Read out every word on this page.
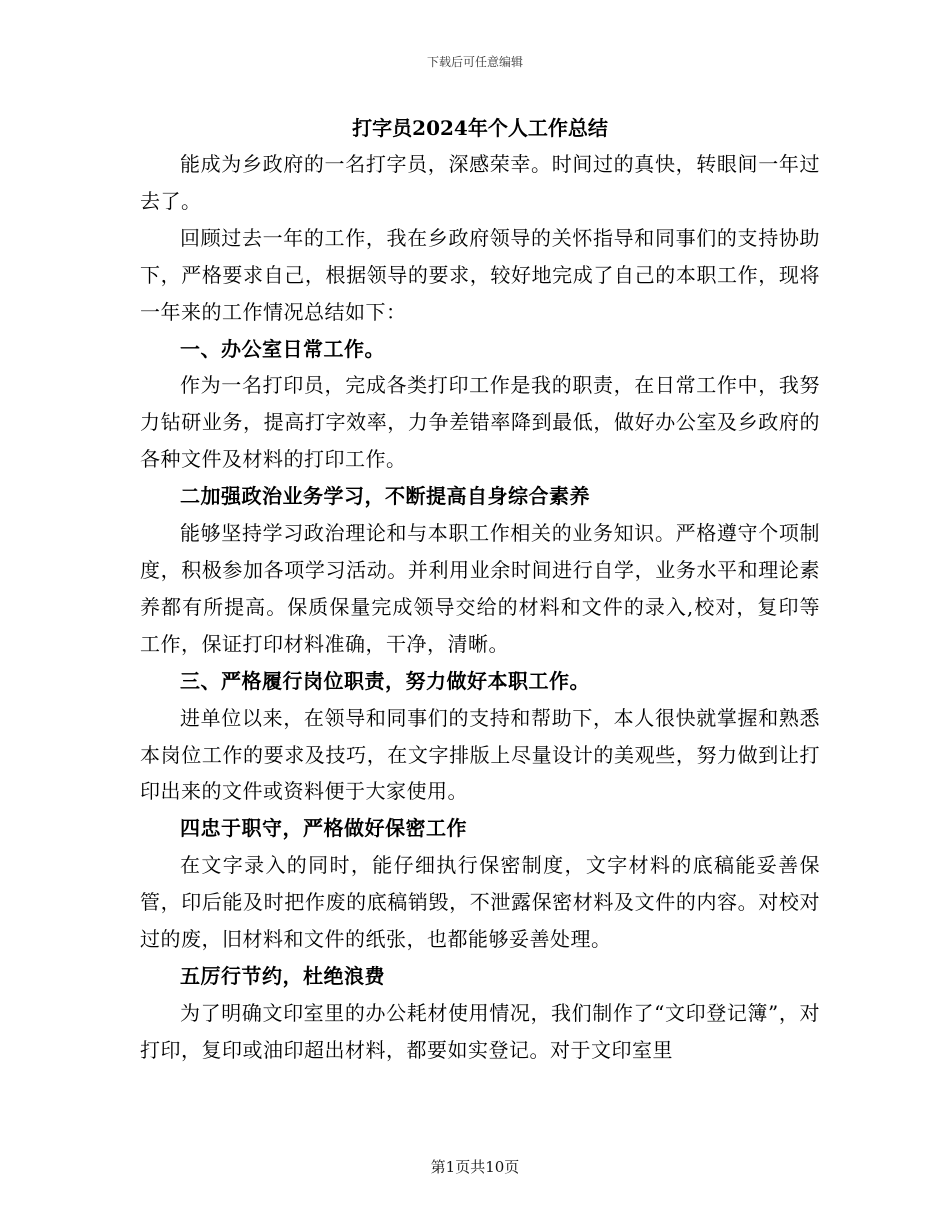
下载后可任意编辑

打字员2024年个人工作总结

能成为乡政府的一名打字员，深感荣幸。时间过的真快，转眼间一年过去了。

回顾过去一年的工作，我在乡政府领导的关怀指导和同事们的支持协助下，严格要求自己，根据领导的要求，较好地完成了自己的本职工作，现将一年来的工作情况总结如下：

一、办公室日常工作。

作为一名打印员，完成各类打印工作是我的职责，在日常工作中，我努力钻研业务，提高打字效率，力争差错率降到最低，做好办公室及乡政府的各种文件及材料的打印工作。

二加强政治业务学习，不断提高自身综合素养

能够坚持学习政治理论和与本职工作相关的业务知识。严格遵守个项制度，积极参加各项学习活动。并利用业余时间进行自学，业务水平和理论素养都有所提高。保质保量完成领导交给的材料和文件的录入,校对，复印等工作，保证打印材料准确，干净，清晰。

三、严格履行岗位职责，努力做好本职工作。

进单位以来，在领导和同事们的支持和帮助下，本人很快就掌握和熟悉本岗位工作的要求及技巧，在文字排版上尽量设计的美观些，努力做到让打印出来的文件或资料便于大家使用。

四忠于职守，严格做好保密工作

在文字录入的同时，能仔细执行保密制度，文字材料的底稿能妥善保管，印后能及时把作废的底稿销毁，不泄露保密材料及文件的内容。对校对过的废，旧材料和文件的纸张，也都能够妥善处理。

五厉行节约，杜绝浪费

为了明确文印室里的办公耗材使用情况，我们制作了“文印登记簿”，对打印，复印或油印超出材料，都要如实登记。对于文印室里

第1页共10页
